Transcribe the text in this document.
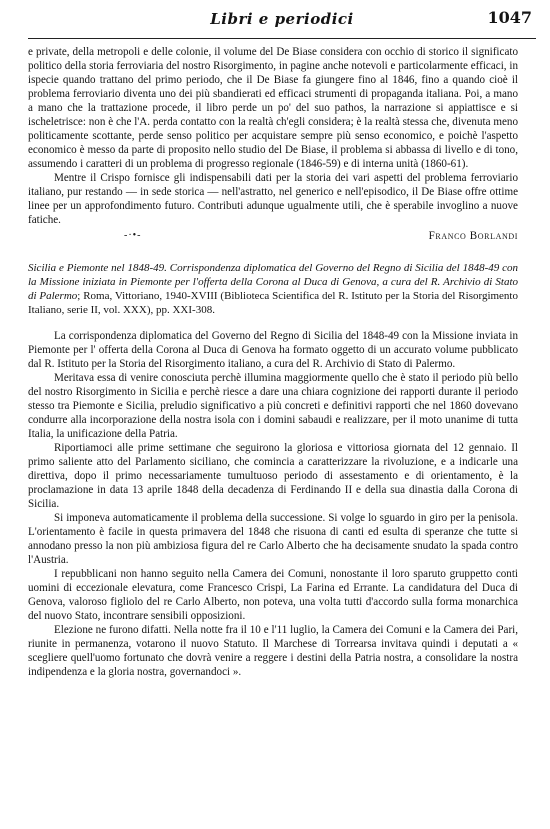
Libri e periodici	1047

e private, della metropoli e delle colonie, il volume del De Biase considera con occhio di storico il significato politico della storia ferroviaria del nostro Risorgimento, in pagine anche notevoli e particolarmente efficaci, in ispecie quando trattano del primo periodo, che il De Biase fa giungere fino al 1846, fino a quando cioè il problema ferroviario diventa uno dei più sbandierati ed efficaci strumenti di propaganda italiana. Poi, a mano a mano che la trattazione procede, il libro perde un po' del suo pathos, la narrazione si appiattisce e si ischeletrisce: non è che l'A. perda contatto con la realtà ch'egli considera; è la realtà stessa che, divenuta meno politicamente scottante, perde senso politico per acquistare sempre più senso economico, e poichè l'aspetto economico è messo da parte di proposito nello studio del De Biase, il problema si abbassa di livello e di tono, assumendo i caratteri di un problema di progresso regionale (1846-59) e di interna unità (1860-61).

Mentre il Crispo fornisce gli indispensabili dati per la storia dei vari aspetti del problema ferroviario italiano, pur restando — in sede storica — nell'astratto, nel generico e nell'episodico, il De Biase offre ottime linee per un approfondimento futuro. Contributi adunque ugualmente utili, che è sperabile invoglino a nuove fatiche.

-·•-	Franco Borlandi

Sicilia e Piemonte nel 1848-49. Corrispondenza diplomatica del Governo del Regno di Sicilia del 1848-49 con la Missione iniziata in Piemonte per l'offerta della Corona al Duca di Genova, a cura del R. Archivio di Stato di Palermo; Roma, Vittoriano, 1940-XVIII (Biblioteca Scientifica del R. Istituto per la Storia del Risorgimento Italiano, serie II, vol. XXX), pp. XXI-308.

La corrispondenza diplomatica del Governo del Regno di Sicilia del 1848-49 con la Missione inviata in Piemonte per l' offerta della Corona al Duca di Genova ha formato oggetto di un accurato volume pubblicato dal R. Istituto per la Storia del Risorgimento italiano, a cura del R. Archivio di Stato di Palermo.

Meritava essa di venire conosciuta perchè illumina maggiormente quello che è stato il periodo più bello del nostro Risorgimento in Sicilia e perchè riesce a dare una chiara cognizione dei rapporti durante il periodo stesso tra Piemonte e Sicilia, preludio significativo a più concreti e definitivi rapporti che nel 1860 dovevano condurre alla incorporazione della nostra isola con i domini sabaudi e realizzare, per il moto unanime di tutta Italia, la unificazione della Patria.

Riportiamoci alle prime settimane che seguirono la gloriosa e vittoriosa giornata del 12 gennaio. Il primo saliente atto del Parlamento siciliano, che comincia a caratterizzare la rivoluzione, e a indicarle una direttiva, dopo il primo necessariamente tumultuoso periodo di assestamento e di orientamento, è la proclamazione in data 13 aprile 1848 della decadenza di Ferdinando II e della sua dinastia dalla Corona di Sicilia.

Si imponeva automaticamente il problema della successione. Si volge lo sguardo in giro per la penisola. L'orientamento è facile in questa primavera del 1848 che risuona di canti ed esulta di speranze che tutte si annodano presso la non più ambiziosa figura del re Carlo Alberto che ha decisamente snudato la spada contro l'Austria.

I repubblicani non hanno seguito nella Camera dei Comuni, nonostante il loro sparuto gruppetto conti uomini di eccezionale elevatura, come Francesco Crispi, La Farina ed Errante. La candidatura del Duca di Genova, valoroso figliolo del re Carlo Alberto, non poteva, una volta tutti d'accordo sulla forma monarchica del nuovo Stato, incontrare sensibili opposizioni.

Elezione ne furono difatti. Nella notte fra il 10 e l'11 luglio, la Camera dei Comuni e la Camera dei Pari, riunite in permanenza, votarono il nuovo Statuto. Il Marchese di Torrearsa invitava quindi i deputati a « scegliere quell'uomo fortunato che dovrà venire a reggere i destini della Patria nostra, a consolidare la nostra indipendenza e la gloria nostra, governandoci ».
